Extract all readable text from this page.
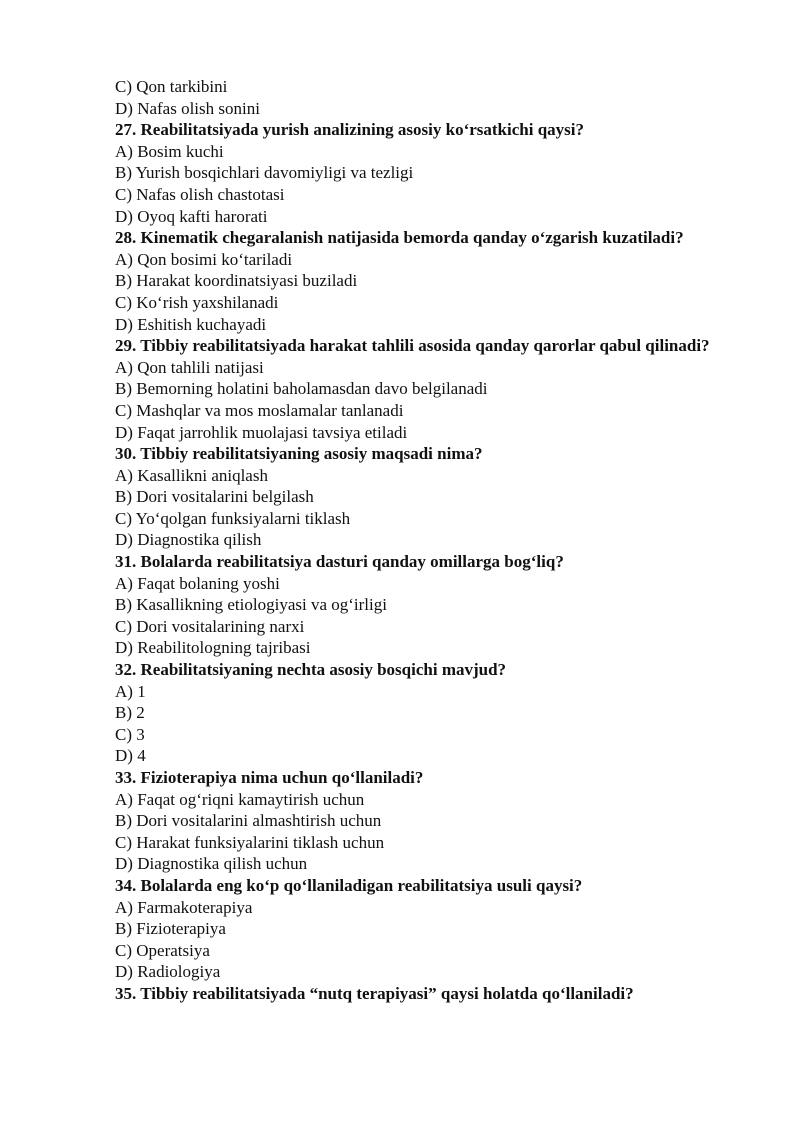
C) Qon tarkibini
D) Nafas olish sonini
27. Reabilitatsiyada yurish analizining asosiy ko‘rsatkichi qaysi?
A) Bosim kuchi
B) Yurish bosqichlari davomiyligi va tezligi
C) Nafas olish chastotasi
D) Oyoq kafti harorati
28. Kinematik chegaralanish natijasida bemorda qanday o‘zgarish kuzatiladi?
A) Qon bosimi ko‘tariladi
B) Harakat koordinatsiyasi buziladi
C) Ko‘rish yaxshilanadi
D) Eshitish kuchayadi
29. Tibbiy reabilitatsiyada harakat tahlili asosida qanday qarorlar qabul qilinadi?
A) Qon tahlili natijasi
B) Bemorning holatini baholamasdan davo belgilanadi
C) Mashqlar va mos moslamalar tanlanadi
D) Faqat jarrohlik muolajasi tavsiya etiladi
30. Tibbiy reabilitatsiyaning asosiy maqsadi nima?
A) Kasallikni aniqlash
B) Dori vositalarini belgilash
C) Yo‘qolgan funksiyalarni tiklash
D) Diagnostika qilish
31. Bolalarda reabilitatsiya dasturi qanday omillarga bog‘liq?
A) Faqat bolaning yoshi
B) Kasallikning etiologiyasi va og‘irligi
C) Dori vositalarining narxi
D) Reabilitologning tajribasi
32. Reabilitatsiyaning nechta asosiy bosqichi mavjud?
A) 1
B) 2
C) 3
D) 4
33. Fizioterapiya nima uchun qo‘llaniladi?
A) Faqat og‘riqni kamaytirish uchun
B) Dori vositalarini almashtirish uchun
C) Harakat funksiyalarini tiklash uchun
D) Diagnostika qilish uchun
34. Bolalarda eng ko‘p qo‘llaniladigan reabilitatsiya usuli qaysi?
A) Farmakoterapiya
B) Fizioterapiya
C) Operatsiya
D) Radiologiya
35. Tibbiy reabilitatsiyada “nutq terapiyasi” qaysi holatda qo‘llaniladi?
